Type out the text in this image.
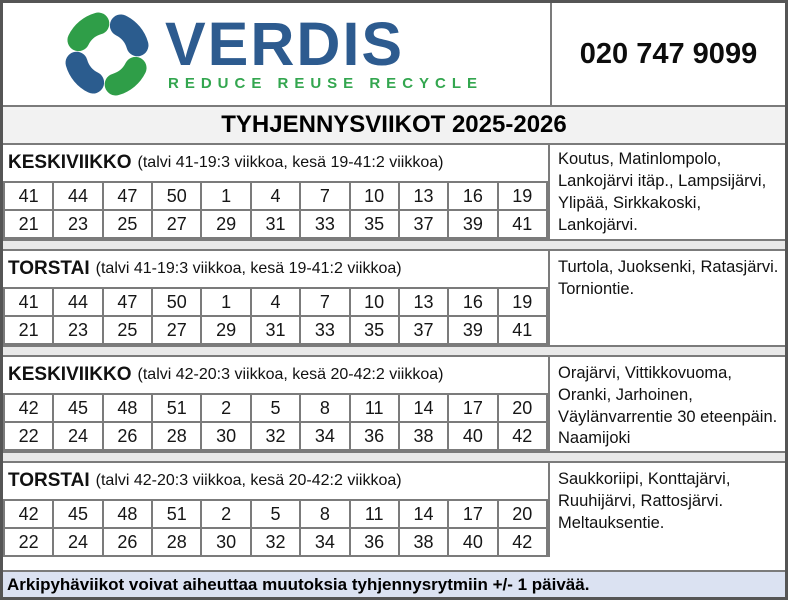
VERDIS
REDUCE REUSE RECYCLE
020 747 9099
TYHJENNYSVIIKOT 2025-2026
KESKIVIIKKO (talvi 41-19:3 viikkoa, kesä 19-41:2 viikkoa)
41	44	47	50	1	4	7	10	13	16	19
21	23	25	27	29	31	33	35	37	39	41
Koutus, Matinlompolo, Lankojärvi itäp., Lampsijärvi, Ylipää, Sirkkakoski, Lankojärvi.
TORSTAI (talvi 41-19:3 viikkoa, kesä 19-41:2 viikkoa)
41	44	47	50	1	4	7	10	13	16	19
21	23	25	27	29	31	33	35	37	39	41
Turtola, Juoksenki, Ratasjärvi. Torniontie.
KESKIVIIKKO (talvi 42-20:3 viikkoa, kesä 20-42:2 viikkoa)
42	45	48	51	2	5	8	11	14	17	20
22	24	26	28	30	32	34	36	38	40	42
Orajärvi, Vittikkovuoma, Oranki, Jarhoinen, Väylänvarrentie 30 eteenpäin. Naamijoki
TORSTAI (talvi 42-20:3 viikkoa, kesä 20-42:2 viikkoa)
42	45	48	51	2	5	8	11	14	17	20
22	24	26	28	30	32	34	36	38	40	42
Saukkoriipi, Konttajärvi, Ruuhijärvi, Rattosjärvi. Meltauksentie.
Arkipyhäviikot voivat aiheuttaa muutoksia tyhjennysrytmiin +/- 1 päivää.
